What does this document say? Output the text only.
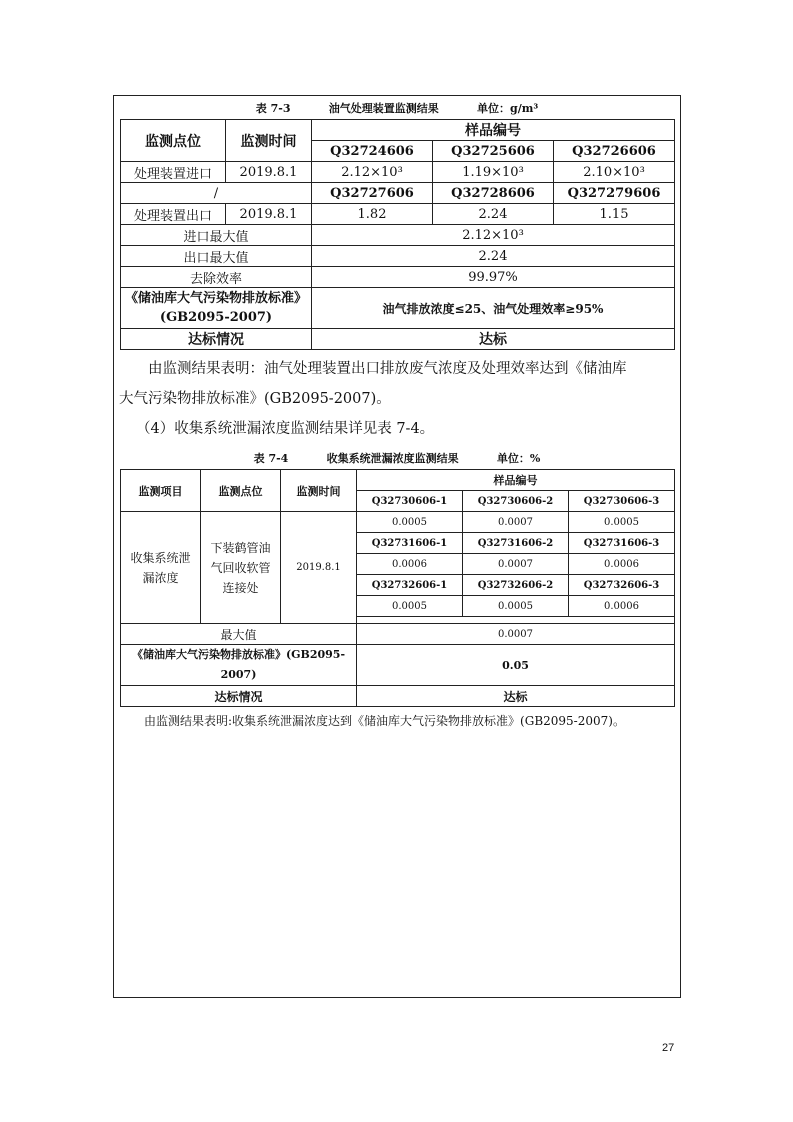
表 7-3          油气处理装置监测结果          单位：g/m³
监测点位	监测时间	样品编号		
		Q32724606	Q32725606	Q32726606
处理装置进口	2019.8.1	2.12×10³	1.19×10³	2.10×10³
/		Q32727606	Q32728606	Q327279606
处理装置出口	2019.8.1	1.82	2.24	1.15
进口最大值		2.12×10³		
出口最大值		2.24		
去除效率		99.97%		
《储油库大气污染物排放标准》(GB2095-2007)		油气排放浓度≤25、油气处理效率≥95%		
达标情况		达标		
由监测结果表明：油气处理装置出口排放废气浓度及处理效率达到《储油库
大气污染物排放标准》(GB2095-2007)。
（4）收集系统泄漏浓度监测结果详见表 7-4。
表 7-4          收集系统泄漏浓度监测结果          单位：%
监测项目	监测点位	监测时间	样品编号		
			Q32730606-1	Q32730606-2	Q32730606-3
收集系统泄漏浓度	下装鹤管油气回收软管连接处	2019.8.1	0.0005	0.0007	0.0005
			Q32731606-1	Q32731606-2	Q32731606-3
			0.0006	0.0007	0.0006
			Q32732606-1	Q32732606-2	Q32732606-3
			0.0005	0.0005	0.0006

最大值			0.0007		
《储油库大气污染物排放标准》(GB2095-2007)			0.05		
达标情况			达标		
由监测结果表明:收集系统泄漏浓度达到《储油库大气污染物排放标准》(GB2095-2007)。
27
